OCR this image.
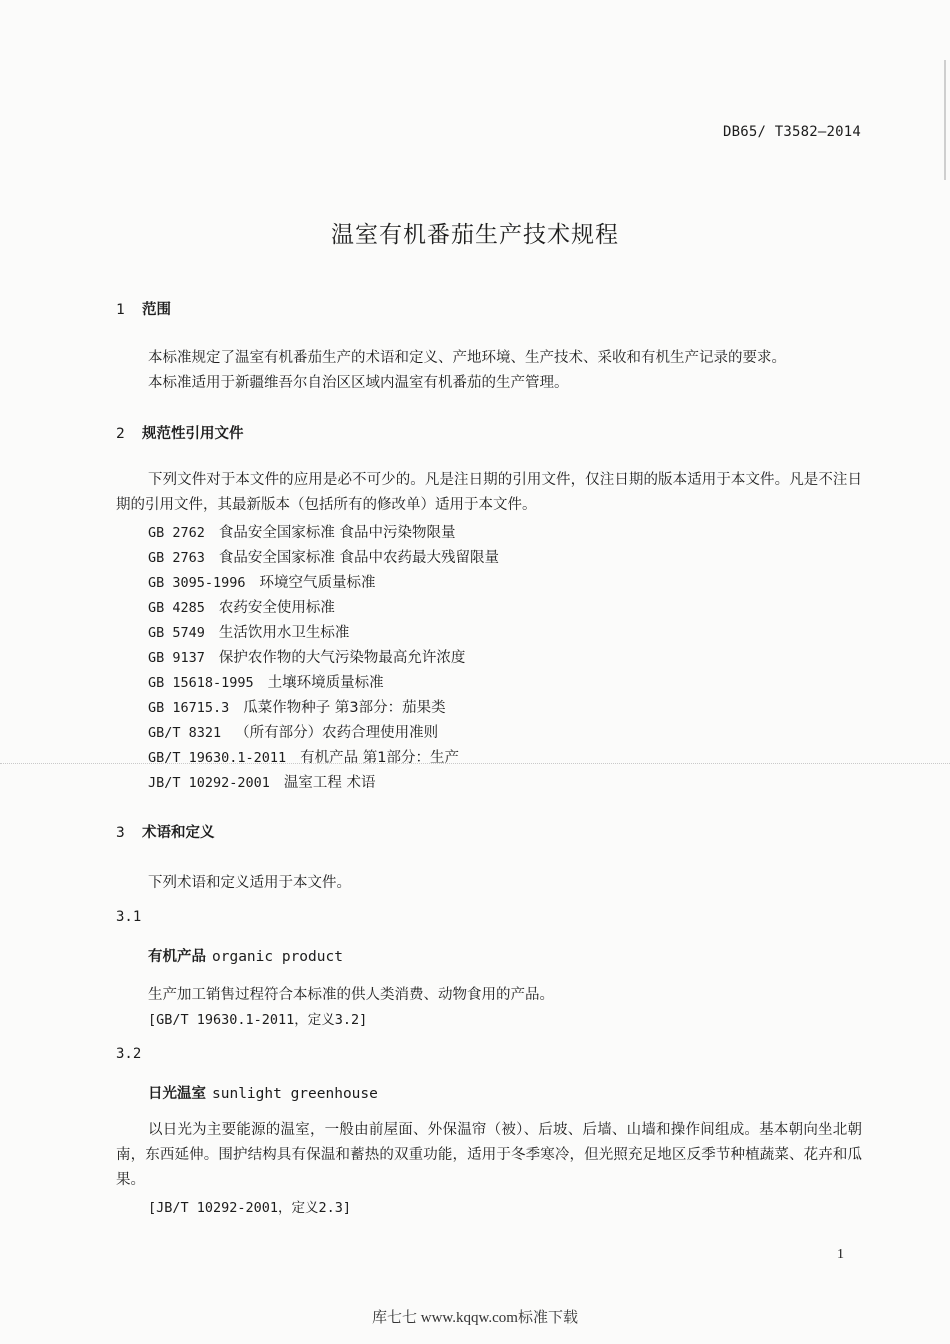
DB65/ T3582—2014
温室有机番茄生产技术规程
1 范围
本标准规定了温室有机番茄生产的术语和定义、产地环境、生产技术、采收和有机生产记录的要求。
本标准适用于新疆维吾尔自治区区域内温室有机番茄的生产管理。
2 规范性引用文件
下列文件对于本文件的应用是必不可少的。凡是注日期的引用文件，仅注日期的版本适用于本文件。凡是不注日期的引用文件，其最新版本（包括所有的修改单）适用于本文件。
GB 2762 食品安全国家标准 食品中污染物限量
GB 2763 食品安全国家标准 食品中农药最大残留限量
GB 3095-1996 环境空气质量标准
GB 4285 农药安全使用标准
GB 5749 生活饮用水卫生标准
GB 9137 保护农作物的大气污染物最高允许浓度
GB 15618-1995 土壤环境质量标准
GB 16715.3 瓜菜作物种子 第3部分：茄果类
GB/T 8321 （所有部分）农药合理使用准则
GB/T 19630.1-2011 有机产品 第1部分：生产
JB/T 10292-2001 温室工程 术语
3 术语和定义
下列术语和定义适用于本文件。
3.1
有机产品 organic product
生产加工销售过程符合本标准的供人类消费、动物食用的产品。
[GB/T 19630.1-2011，定义3.2]
3.2
日光温室 sunlight greenhouse
以日光为主要能源的温室，一般由前屋面、外保温帘（被）、后坡、后墙、山墙和操作间组成。基本朝向坐北朝南，东西延伸。围护结构具有保温和蓄热的双重功能，适用于冬季寒冷，但光照充足地区反季节种植蔬菜、花卉和瓜果。
[JB/T 10292-2001，定义2.3]
1
库七七 www.kqqw.com标准下载
